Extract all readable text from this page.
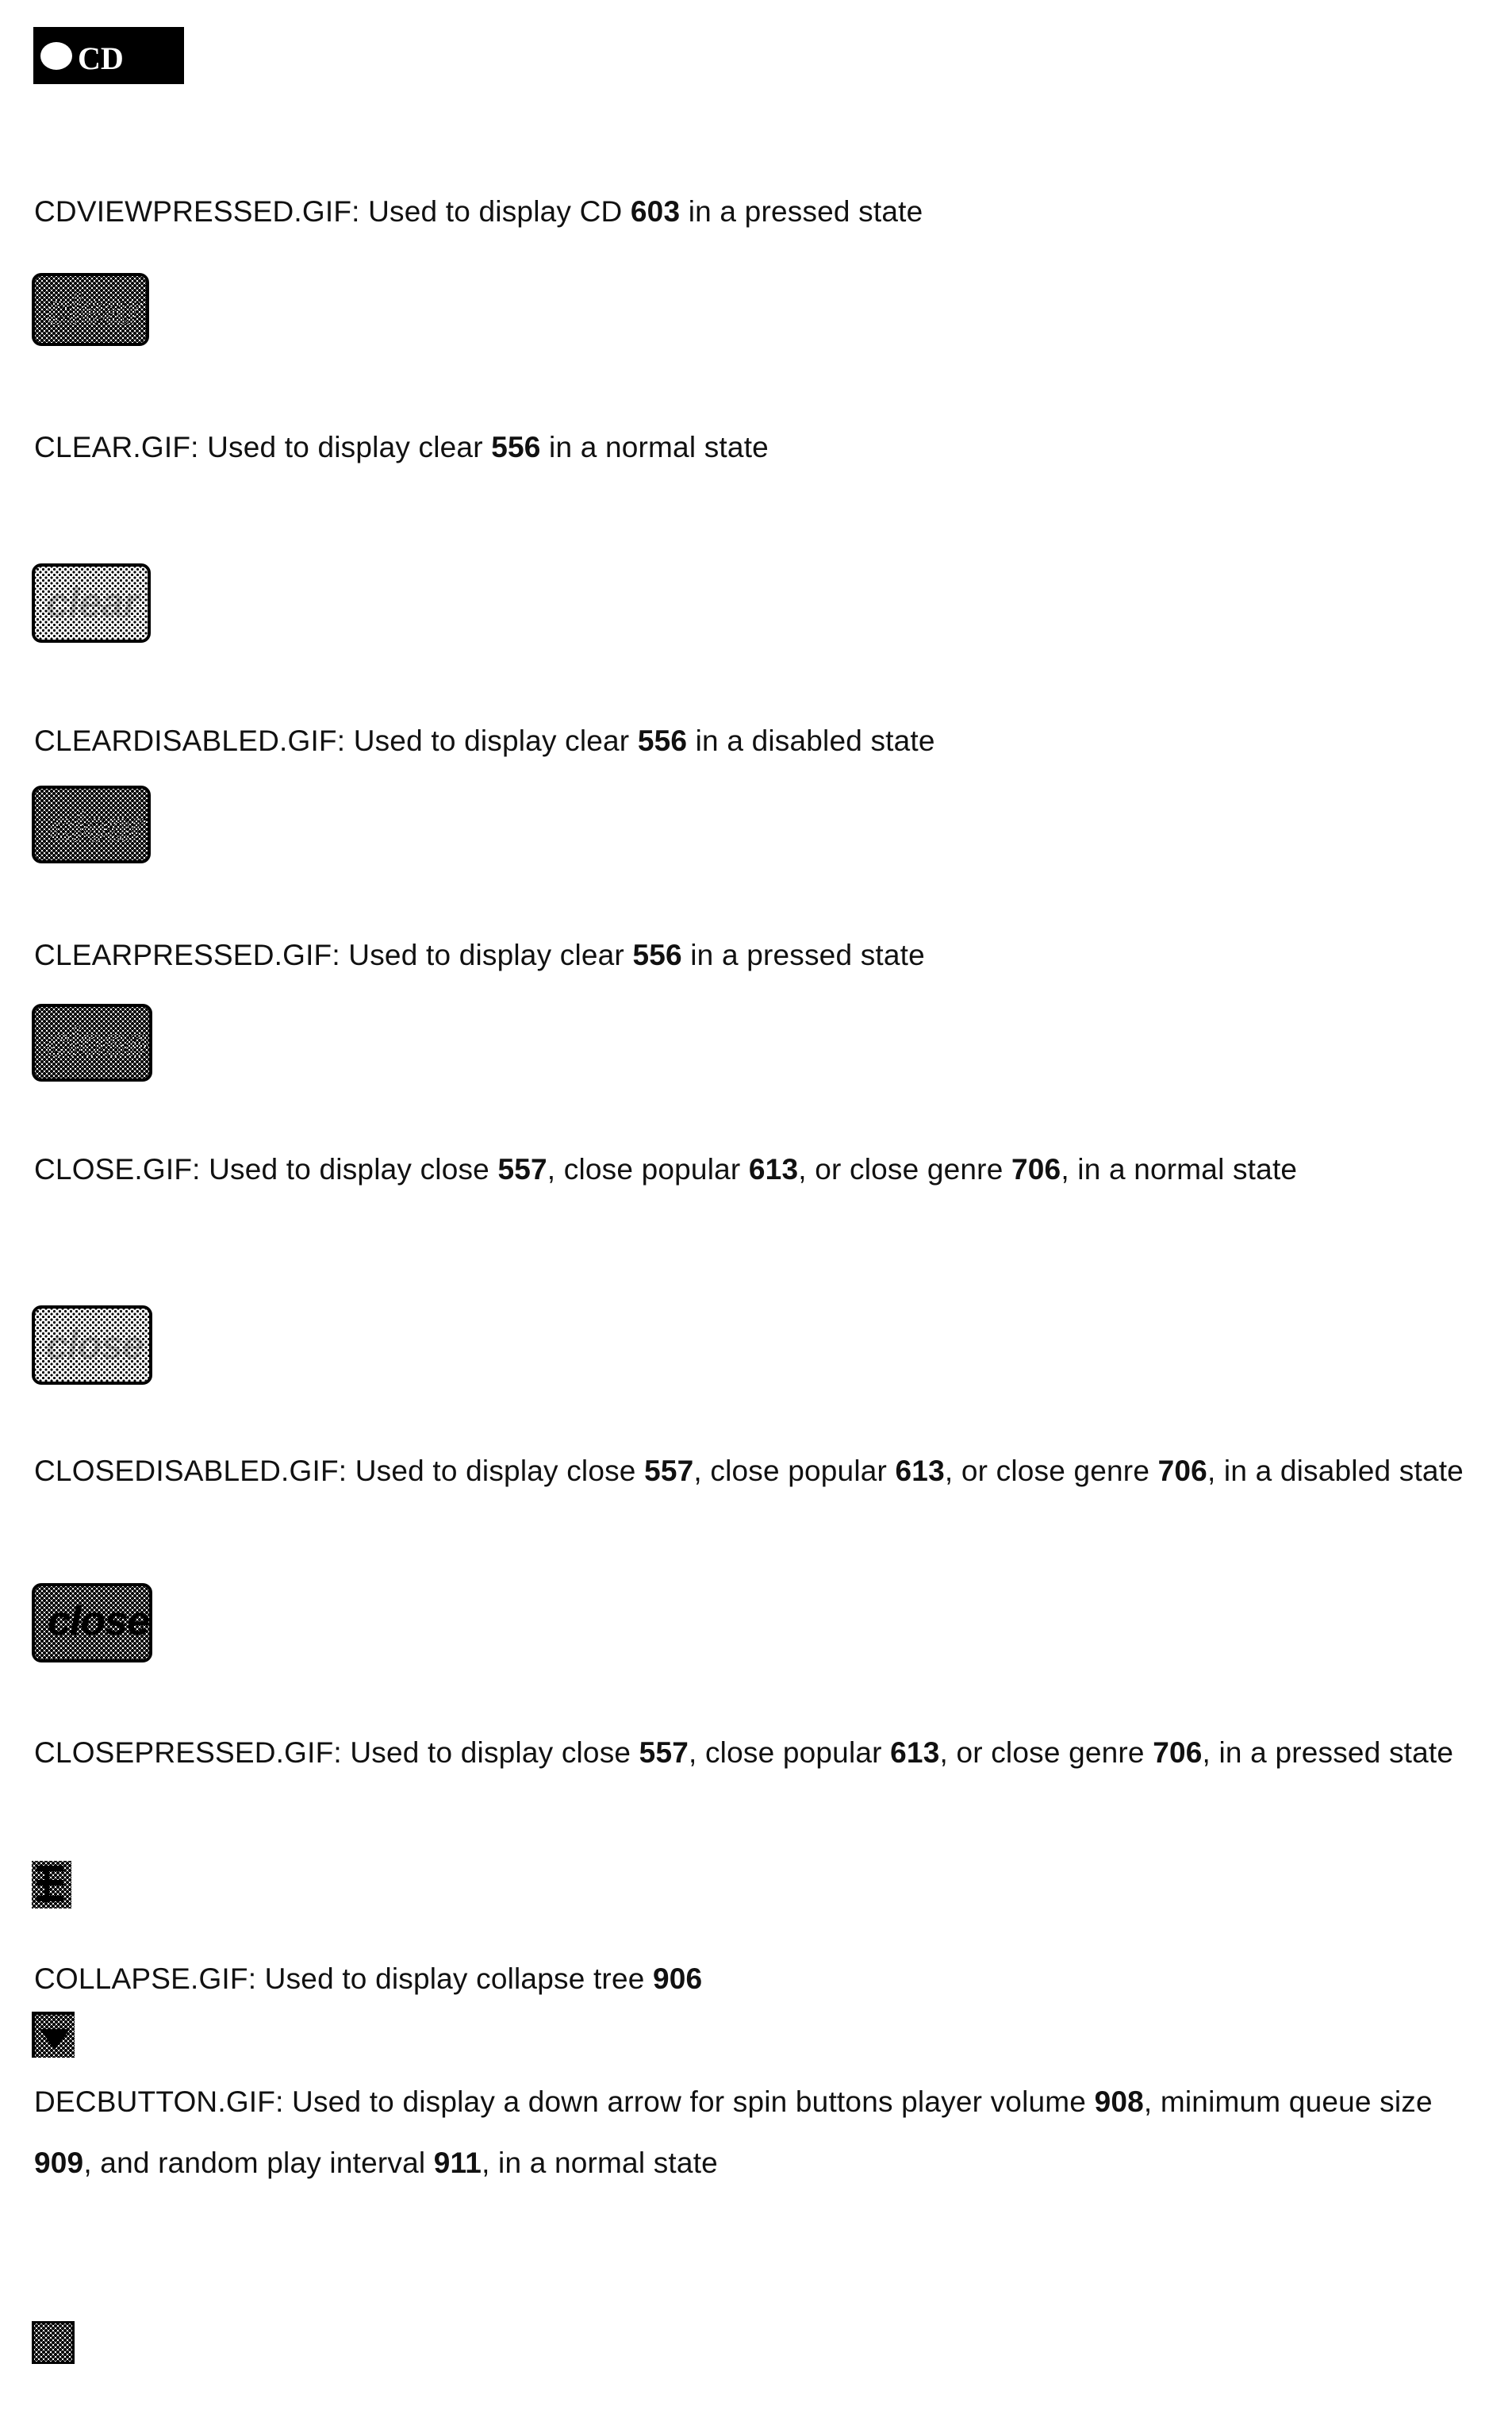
CD
CDVIEWPRESSED.GIF: Used to display CD 603 in a pressed state
clear
CLEAR.GIF: Used to display clear 556 in a normal state
clear
CLEARDISABLED.GIF: Used to display clear 556 in a disabled state
clear
CLEARPRESSED.GIF: Used to display clear 556 in a pressed state
close
CLOSE.GIF: Used to display close 557, close popular 613, or close genre 706, in a normal state
close
CLOSEDISABLED.GIF: Used to display close 557, close popular 613, or close genre 706, in a disabled state
close
CLOSEPRESSED.GIF: Used to display close 557, close popular 613, or close genre 706, in a pressed state
COLLAPSE.GIF: Used to display collapse tree 906
DECBUTTON.GIF: Used to display a down arrow for spin buttons player volume 908, minimum queue size 909, and random play interval 911, in a normal state
